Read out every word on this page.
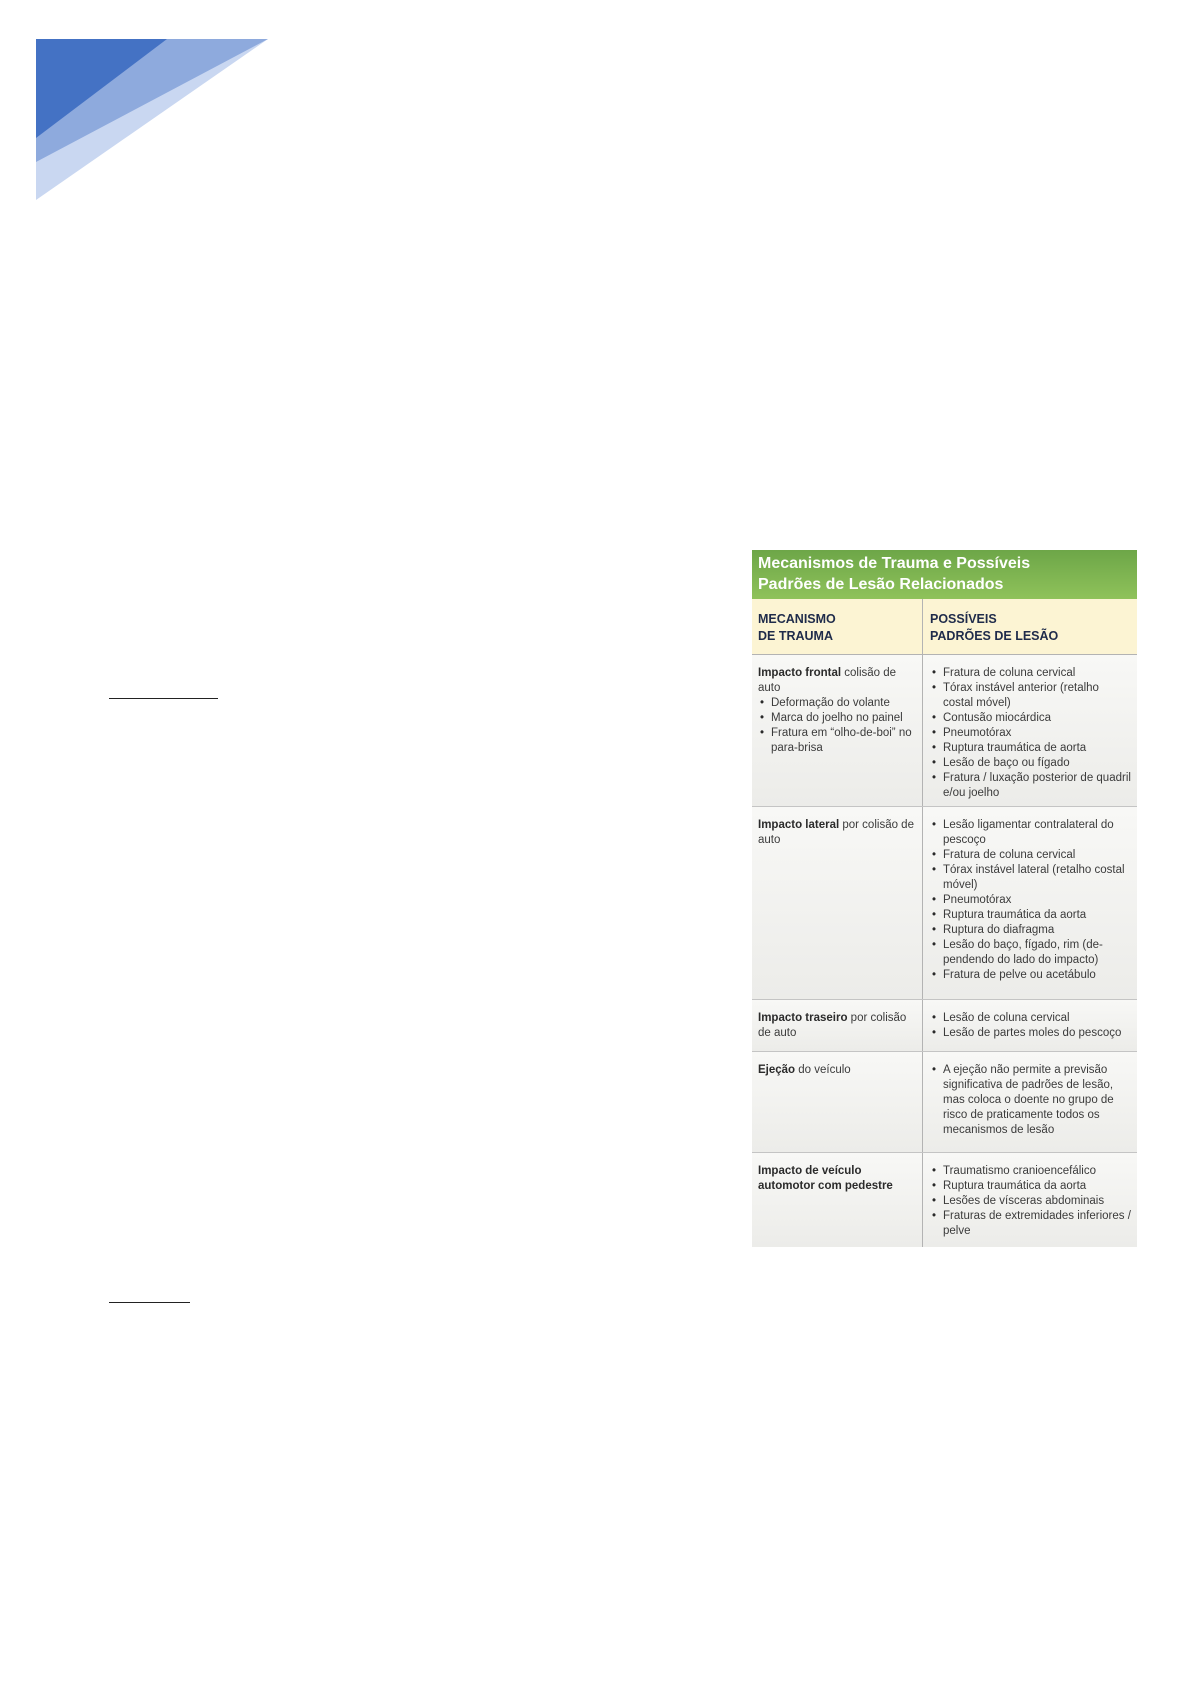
Mecanismos de Trauma e Possíveis
Padrões de Lesão Relacionados
MECANISMO
DE TRAUMA
POSSÍVEIS
PADRÕES DE LESÃO
Impacto frontal colisão de auto
• Deformação do volante
• Marca do joelho no painel
• Fratura em “olho-de-boi” no para-brisa
• Fratura de coluna cervical
• Tórax instável anterior (retalho costal móvel)
• Contusão miocárdica
• Pneumotórax
• Ruptura traumática de aorta
• Lesão de baço ou fígado
• Fratura / luxação posterior de quadril e/ou joelho
Impacto lateral por colisão de auto
• Lesão ligamentar contralateral do pescoço
• Fratura de coluna cervical
• Tórax instável lateral (retalho costal móvel)
• Pneumotórax
• Ruptura traumática da aorta
• Ruptura do diafragma
• Lesão do baço, fígado, rim (de-pendendo do lado do impacto)
• Fratura de pelve ou acetábulo
Impacto traseiro por colisão de auto
• Lesão de coluna cervical
• Lesão de partes moles do pescoço
Ejeção do veículo
•	A ejeção não permite a previsão significativa de padrões de lesão, mas coloca o doente no grupo de risco de praticamente todos os mecanismos de lesão
Impacto de veículo automotor com pedestre
• Traumatismo cranioencefálico
• Ruptura traumática da aorta
• Lesões de vísceras abdominais
• Fraturas de extremidades inferiores / pelve
